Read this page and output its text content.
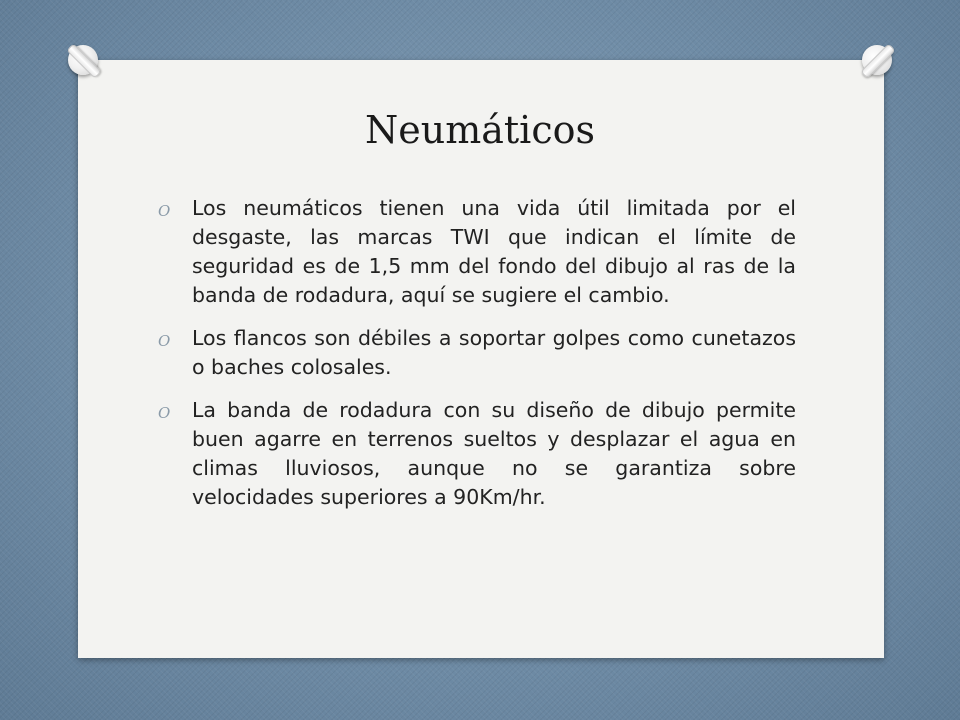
Neumáticos
O Los neumáticos tienen una vida útil limitada por el desgaste, las marcas TWI que indican el límite de seguridad es de 1,5 mm del fondo del dibujo al ras de la banda de rodadura, aquí se sugiere el cambio.
O Los flancos son débiles a soportar golpes como cunetazos o baches colosales.
O La banda de rodadura con su diseño de dibujo permite buen agarre en terrenos sueltos y desplazar el agua en climas lluviosos, aunque no se garantiza sobre velocidades superiores a 90Km/hr.
